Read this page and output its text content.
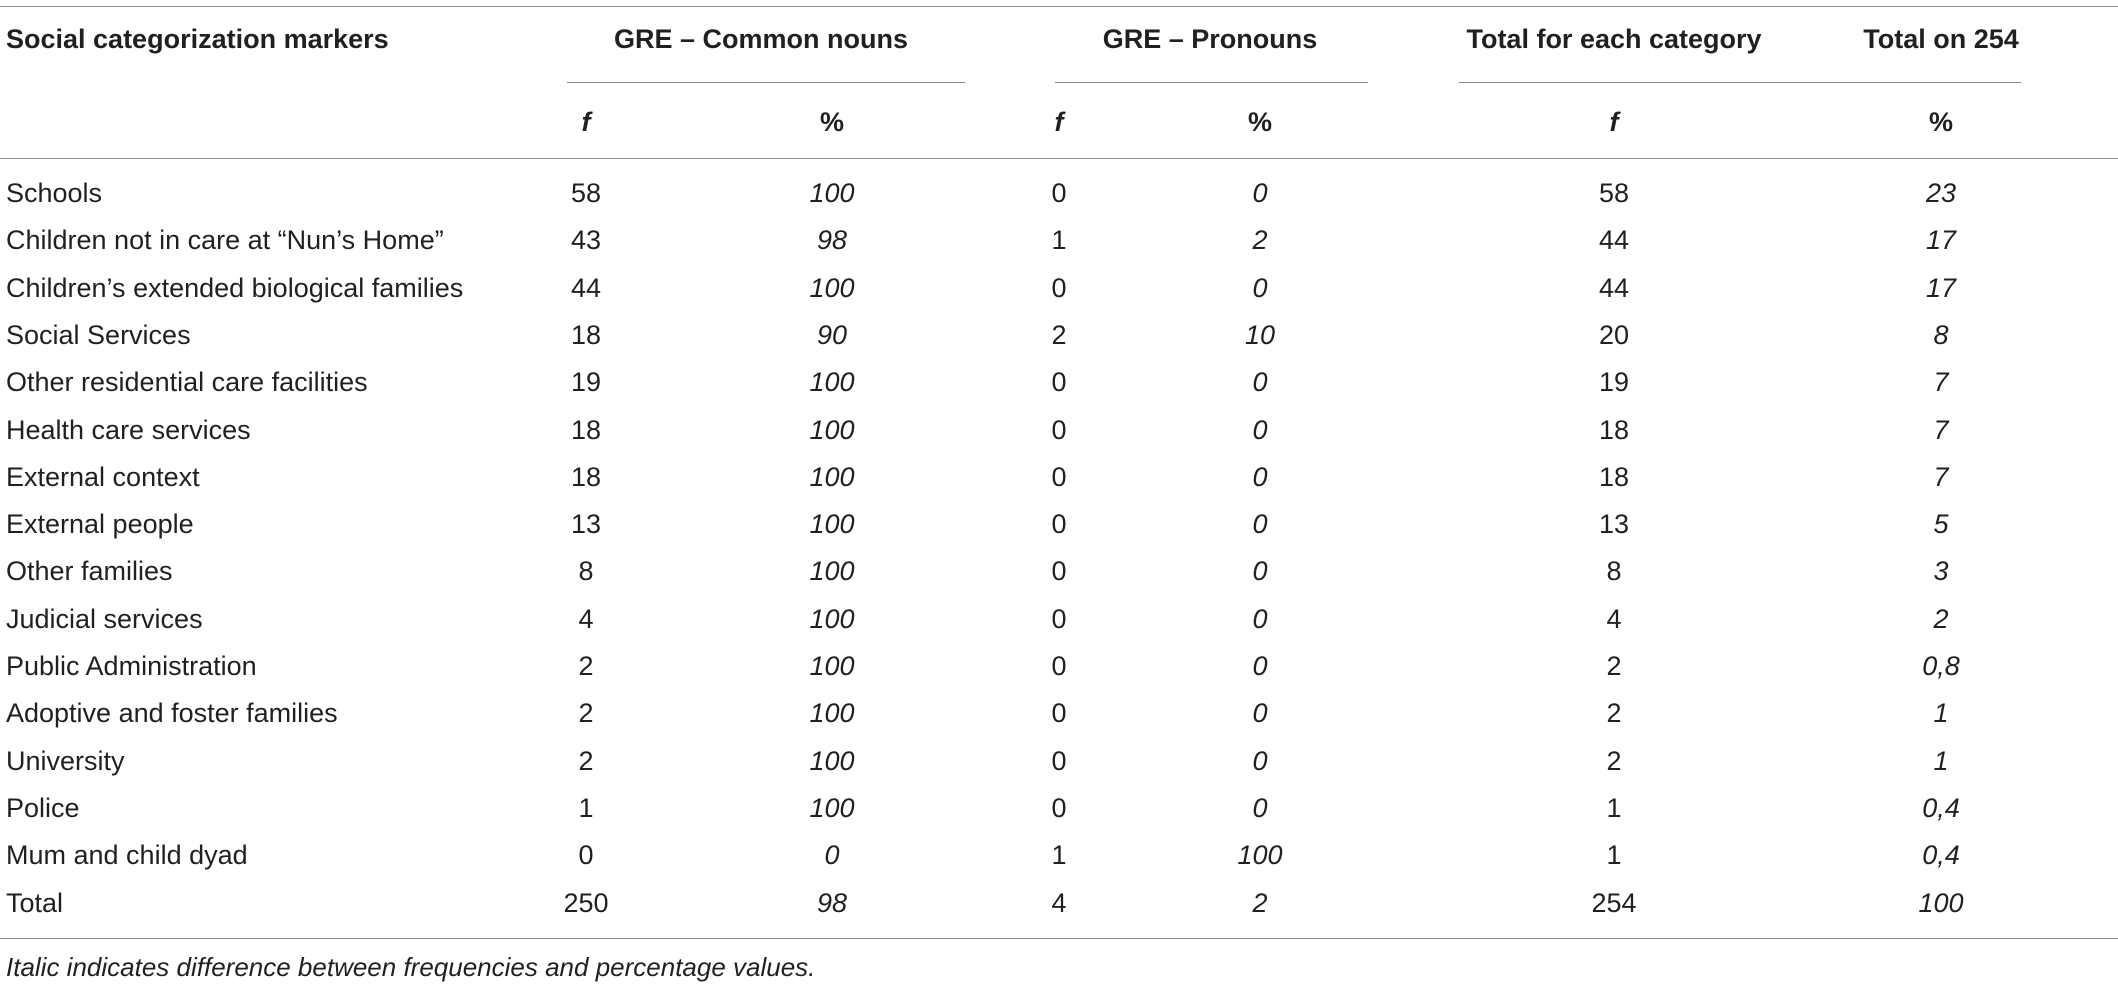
Social categorization markers	GRE – Common nouns	GRE – Pronouns	Total for each category	Total on 254
f	%	f	%	f	%
Schools	58	100	0	0	58	23
Children not in care at “Nun’s Home”	43	98	1	2	44	17
Children’s extended biological families	44	100	0	0	44	17
Social Services	18	90	2	10	20	8
Other residential care facilities	19	100	0	0	19	7
Health care services	18	100	0	0	18	7
External context	18	100	0	0	18	7
External people	13	100	0	0	13	5
Other families	8	100	0	0	8	3
Judicial services	4	100	0	0	4	2
Public Administration	2	100	0	0	2	0,8
Adoptive and foster families	2	100	0	0	2	1
University	2	100	0	0	2	1
Police	1	100	0	0	1	0,4
Mum and child dyad	0	0	1	100	1	0,4
Total	250	98	4	2	254	100
Italic indicates difference between frequencies and percentage values.
